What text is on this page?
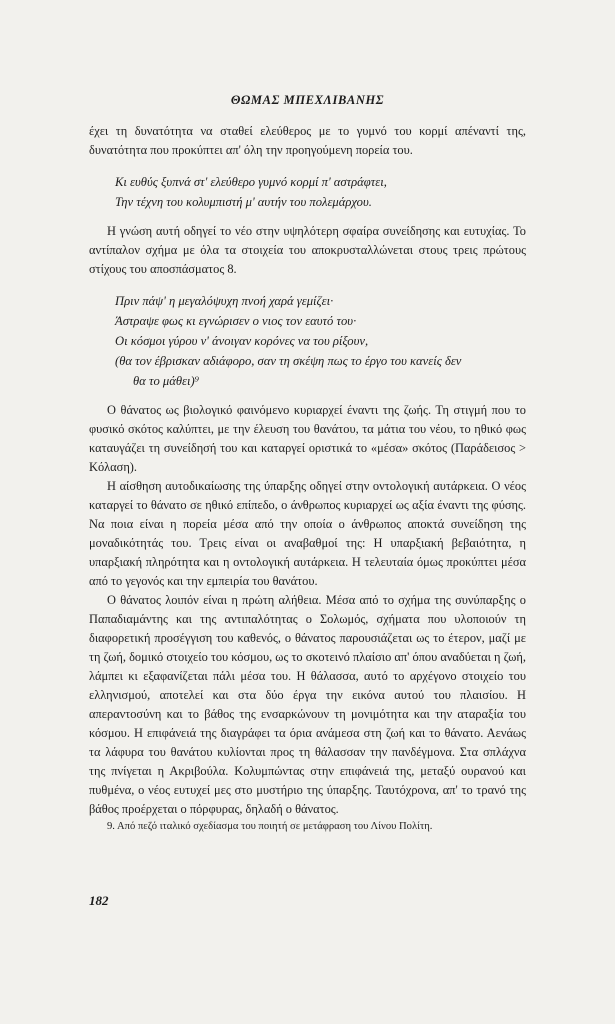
ΘΩΜΑΣ ΜΠΕΧΛΙΒΑΝΗΣ

έχει τη δυνατότητα να σταθεί ελεύθερος με το γυμνό του κορμί απέναντί της, δυνατότητα που προκύπτει απ' όλη την προηγούμενη πορεία του.

Κι ευθύς ξυπνά στ' ελεύθερο γυμνό κορμί π' αστράφτει,
Την τέχνη του κολυμπιστή μ' αυτήν του πολεμάρχου.

Η γνώση αυτή οδηγεί το νέο στην υψηλότερη σφαίρα συνείδησης και ευτυχίας. Το αντίπαλον σχήμα με όλα τα στοιχεία του αποκρυσταλλώνεται στους τρεις πρώτους στίχους του αποσπάσματος 8.

Πριν πάψ' η μεγαλόψυχη πνοή χαρά γεμίζει·
Άστραψε φως κι εγνώρισεν ο νιος τον εαυτό του·
Οι κόσμοι γύρου ν' άνοιγαν κορόνες να του ρίξουν,
(θα τον έβρισκαν αδιάφορο, σαν τη σκέψη πως το έργο του κανείς δεν
θα το μάθει)⁹

Ο θάνατος ως βιολογικό φαινόμενο κυριαρχεί έναντι της ζωής. Τη στιγμή που το φυσικό σκότος καλύπτει, με την έλευση του θανάτου, τα μάτια του νέου, το ηθικό φως καταυγάζει τη συνείδησή του και καταργεί οριστικά το «μέσα» σκότος (Παράδεισος > Κόλαση).

Η αίσθηση αυτοδικαίωσης της ύπαρξης οδηγεί στην οντολογική αυτάρκεια. Ο νέος καταργεί το θάνατο σε ηθικό επίπεδο, ο άνθρωπος κυριαρχεί ως αξία έναντι της φύσης. Να ποια είναι η πορεία μέσα από την οποία ο άνθρωπος αποκτά συνείδηση της μοναδικότητάς του. Τρεις είναι οι αναβαθμοί της: Η υπαρξιακή βεβαιότητα, η υπαρξιακή πληρότητα και η οντολογική αυτάρκεια. Η τελευταία όμως προκύπτει μέσα από το γεγονός και την εμπειρία του θανάτου.

Ο θάνατος λοιπόν είναι η πρώτη αλήθεια. Μέσα από το σχήμα της συνύπαρξης ο Παπαδιαμάντης και της αντιπαλότητας ο Σολωμός, σχήματα που υλοποιούν τη διαφορετική προσέγγιση του καθενός, ο θάνατος παρουσιάζεται ως το έτερον, μαζί με τη ζωή, δομικό στοιχείο του κόσμου, ως το σκοτεινό πλαίσιο απ' όπου αναδύεται η ζωή, λάμπει κι εξαφανίζεται πάλι μέσα του. Η θάλασσα, αυτό το αρχέγονο στοιχείο του ελληνισμού, αποτελεί και στα δύο έργα την εικόνα αυτού του πλαισίου. Η απεραντοσύνη και το βάθος της ενσαρκώνουν τη μονιμότητα και την αταραξία του κόσμου. Η επιφάνειά της διαγράφει τα όρια ανάμεσα στη ζωή και το θάνατο. Αενάως τα λάφυρα του θανάτου κυλίονται προς τη θάλασσαν την πανδέγμονα. Στα σπλάχνα της πνίγεται η Ακριβούλα. Κολυμπώντας στην επιφάνειά της, μεταξύ ουρανού και πυθμένα, ο νέος ευτυχεί μες στο μυστήριο της ύπαρξης. Ταυτόχρονα, απ' το τρανό της βάθος προέρχεται ο πόρφυρας, δηλαδή ο θάνατος.

9. Από πεζό ιταλικό σχεδίασμα του ποιητή σε μετάφραση του Λίνου Πολίτη.

182
